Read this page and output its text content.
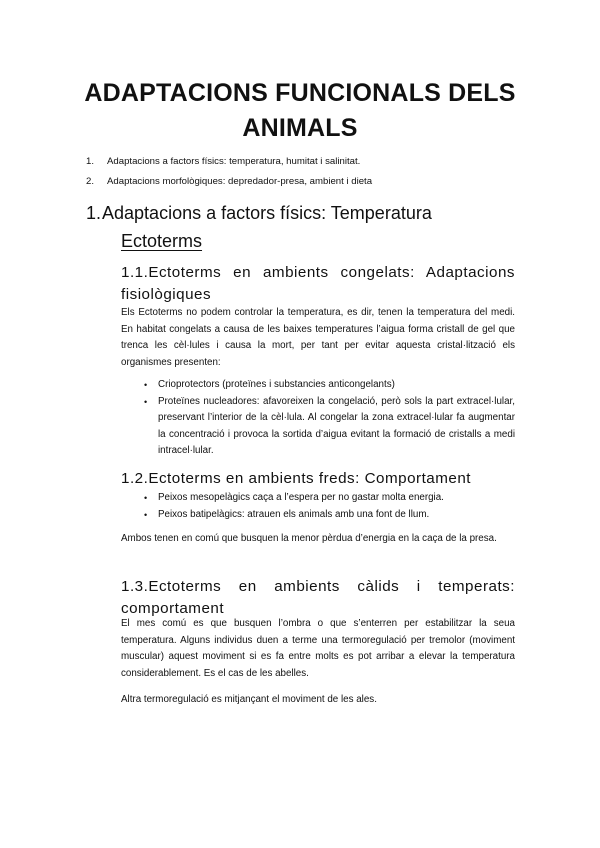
ADAPTACIONS FUNCIONALS DELS
ANIMALS
1.	Adaptacions a factors físics: temperatura, humitat i salinitat.
2.	Adaptacions morfològiques: depredador-presa, ambient i dieta
1.Adaptacions a factors físics: Temperatura
Ectoterms
1.1.Ectoterms en ambients congelats: Adaptacions fisiològiques
Els Ectoterms no podem controlar la temperatura, es dir, tenen la temperatura del medi. En habitat congelats a causa de les baixes temperatures l’aigua forma cristall de gel que trenca les cèl·lules i causa la mort, per tant per evitar aquesta cristal·lització els organismes presenten:
•	Crioprotectors (proteïnes i substancies anticongelants)
•	Proteïnes nucleadores: afavoreixen la congelació, però sols la part extracel·lular, preservant l’interior de la cèl·lula. Al congelar la zona extracel·lular fa augmentar la concentració i provoca la sortida d’aigua evitant la formació de cristalls a medi intracel·lular.
1.2.Ectoterms en ambients freds: Comportament
•	Peixos mesopelàgics caça a l’espera per no gastar molta energia.
•	Peixos batipelàgics: atrauen els animals amb una font de llum.
Ambos tenen en comú que busquen la menor pèrdua d’energia en la caça de la presa.
1.3.Ectoterms en ambients càlids i temperats: comportament
El mes comú es que busquen l’ombra o que s’enterren per estabilitzar la seua temperatura. Alguns individus duen a terme una termoregulació per tremolor (moviment muscular) aquest moviment si es fa entre molts es pot arribar a elevar la temperatura considerablement. Es el cas de les abelles.
Altra termoregulació es mitjançant el moviment de les ales.
